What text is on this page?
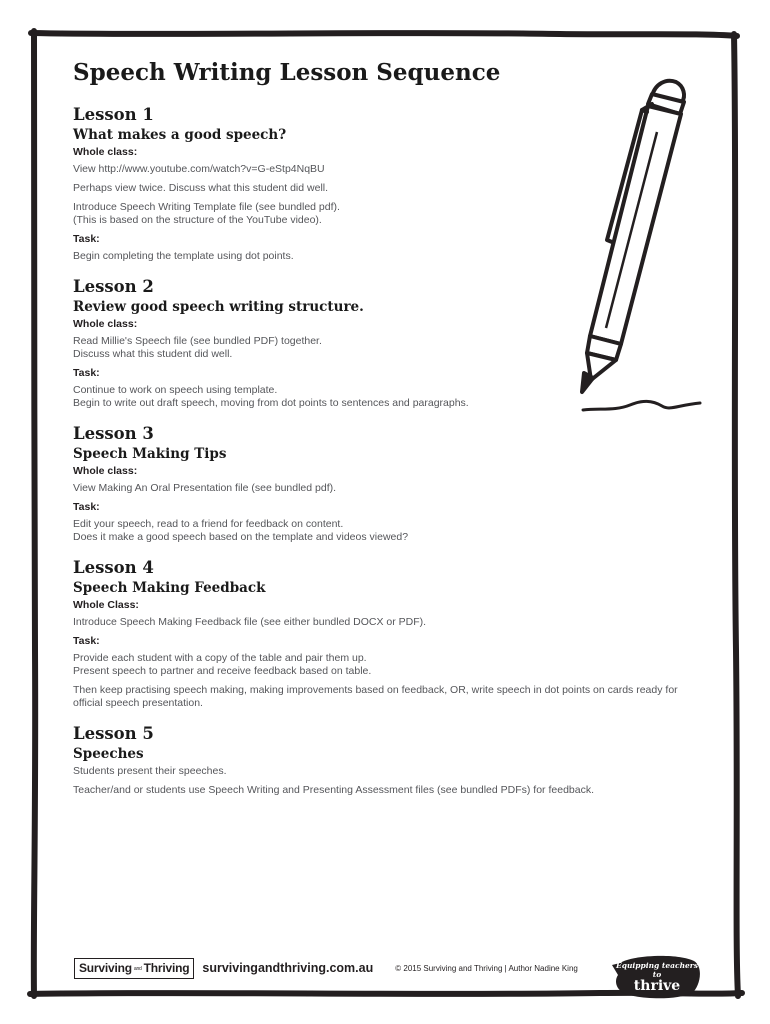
Speech Writing Lesson Sequence
Lesson 1
What makes a good speech?

Whole class:

View http://www.youtube.com/watch?v=G-eStp4NqBU

Perhaps view twice. Discuss what this student did well.

Introduce Speech Writing Template file (see bundled pdf).
(This is based on the structure of the YouTube video).

Task:

Begin completing the template using dot points.

Lesson 2
Review good speech writing structure.

Whole class:

Read Millie's Speech file (see bundled PDF) together.
Discuss what this student did well.

Task:

Continue to work on speech using template.
Begin to write out draft speech, moving from dot points to sentences and paragraphs.

Lesson 3
Speech Making Tips

Whole class:

View Making An Oral Presentation file (see bundled pdf).

Task:

Edit your speech, read to a friend for feedback on content.
Does it make a good speech based on the template and videos viewed?

Lesson 4
Speech Making Feedback

Whole Class:

Introduce Speech Making Feedback file (see either bundled DOCX or PDF).

Task:

Provide each student with a copy of the table and pair them up.
Present speech to partner and receive feedback based on table.

Then keep practising speech making, making improvements based on feedback, OR, write speech in dot points on cards ready for official speech presentation.

Lesson 5
Speeches

Students present their speeches.

Teacher/and or students use Speech Writing and Presenting Assessment files (see bundled PDFs) for feedback.

Surviving and Thriving survivingandthriving.com.au	© 2015 Surviving and Thriving | Author Nadine King	Equipping teachers to
thrive
